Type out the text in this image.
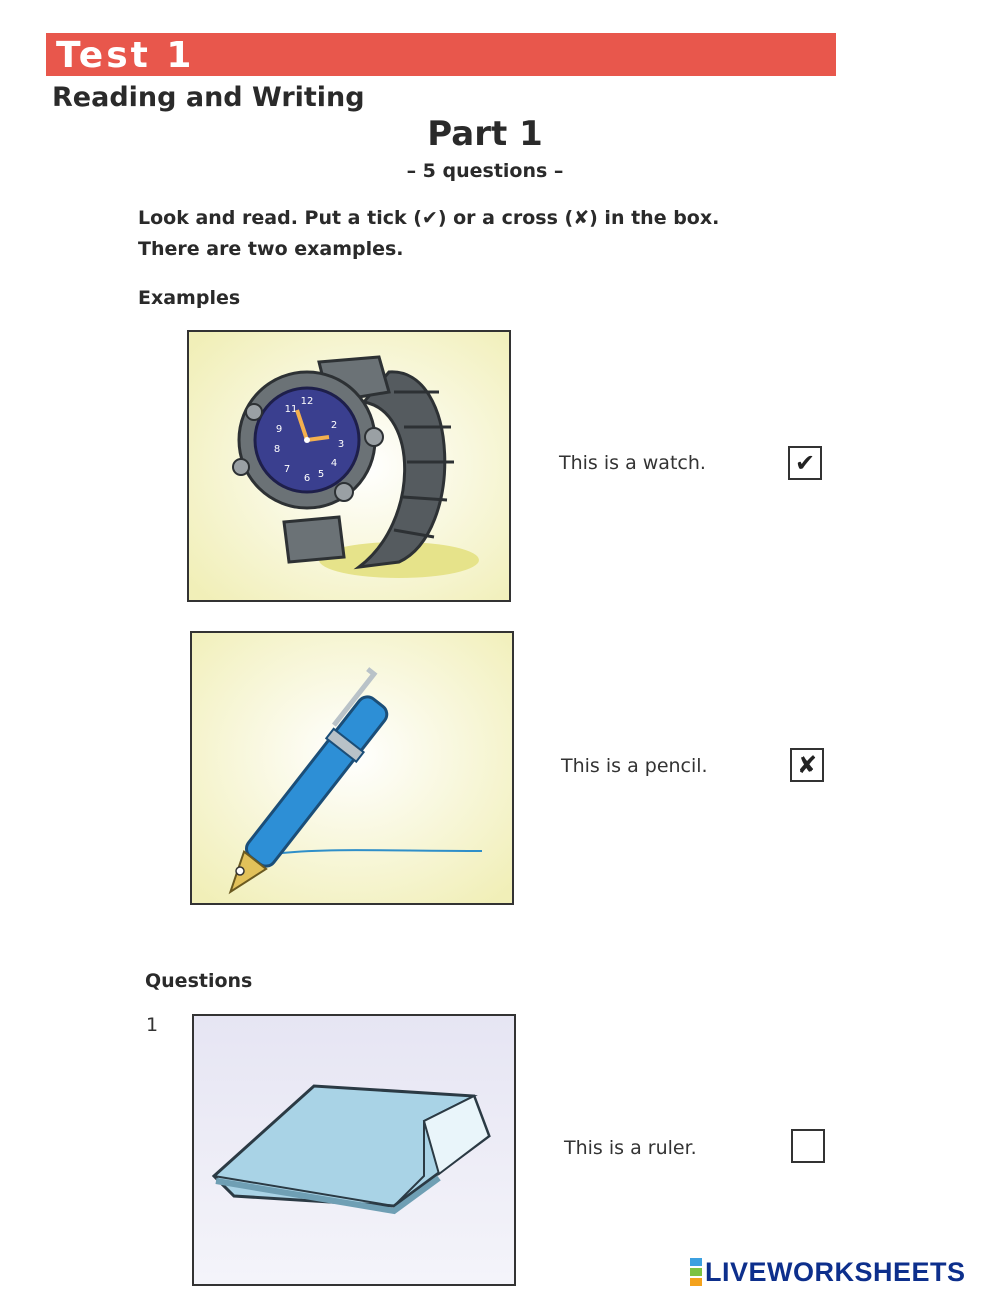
Test 1
Reading and Writing
Part 1
– 5 questions –
Look and read. Put a tick (✔) or a cross (✘) in the box.
There are two examples.
Examples
12
2
3
4
5
6
7
8
9
11
This is a watch.	✔
This is a pencil.	✘
Questions
1
This is a ruler.
LIVEWORKSHEETS
